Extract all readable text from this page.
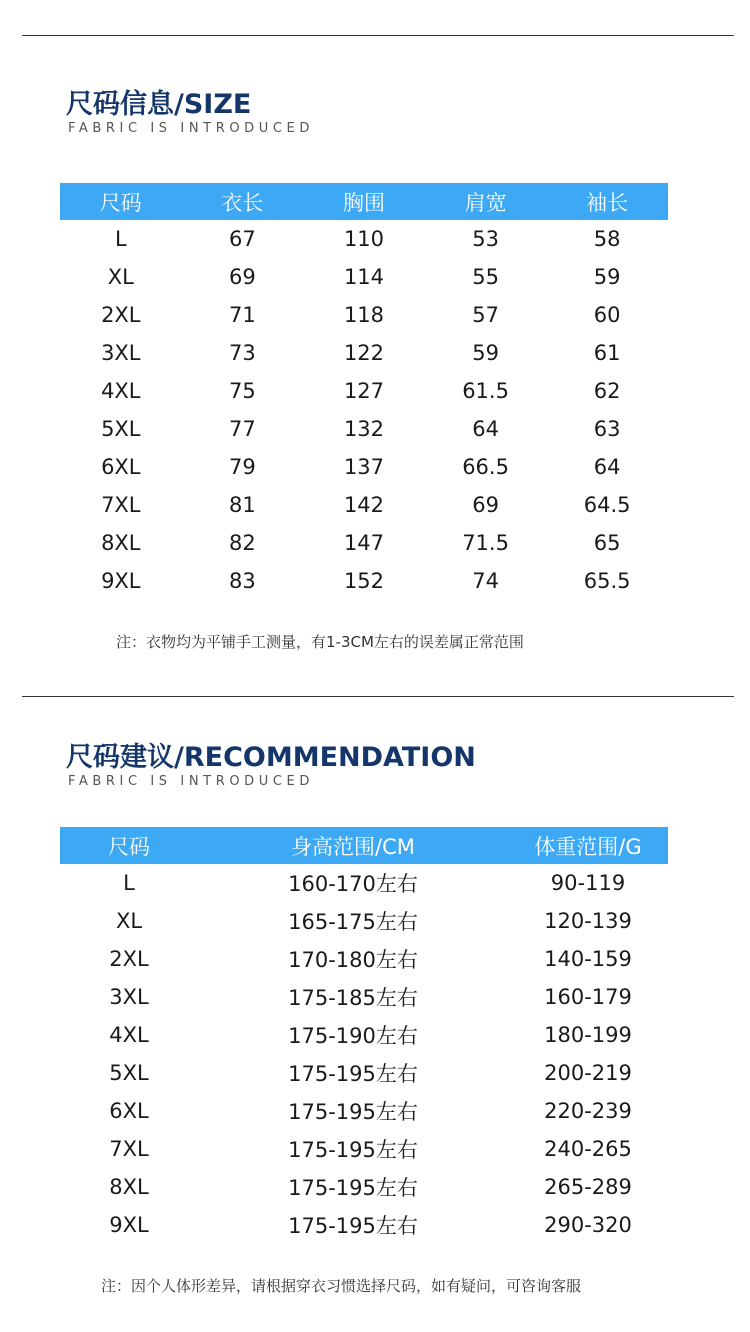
尺码信息/SIZE
FABRIC IS INTRODUCED
尺码	衣长	胸围	肩宽	袖长
L	67	110	53	58
XL	69	114	55	59
2XL	71	118	57	60
3XL	73	122	59	61
4XL	75	127	61.5	62
5XL	77	132	64	63
6XL	79	137	66.5	64
7XL	81	142	69	64.5
8XL	82	147	71.5	65
9XL	83	152	74	65.5
注：衣物均为平铺手工测量，有1-3CM左右的误差属正常范围
尺码建议/RECOMMENDATION
FABRIC IS INTRODUCED
尺码	身高范围/CM	体重范围/G
L	160-170左右	90-119
XL	165-175左右	120-139
2XL	170-180左右	140-159
3XL	175-185左右	160-179
4XL	175-190左右	180-199
5XL	175-195左右	200-219
6XL	175-195左右	220-239
7XL	175-195左右	240-265
8XL	175-195左右	265-289
9XL	175-195左右	290-320
注：因个人体形差异，请根据穿衣习惯选择尺码，如有疑问，可咨询客服
